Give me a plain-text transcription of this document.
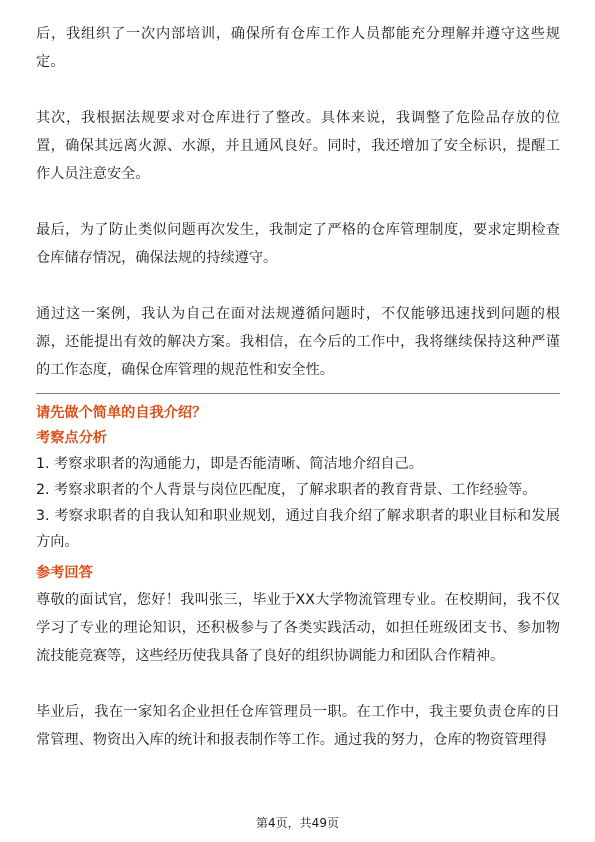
后，我组织了一次内部培训，确保所有仓库工作人员都能充分理解并遵守这些规定。

其次，我根据法规要求对仓库进行了整改。具体来说，我调整了危险品存放的位置，确保其远离火源、水源，并且通风良好。同时，我还增加了安全标识，提醒工作人员注意安全。

最后，为了防止类似问题再次发生，我制定了严格的仓库管理制度，要求定期检查仓库储存情况，确保法规的持续遵守。

通过这一案例，我认为自己在面对法规遵循问题时，不仅能够迅速找到问题的根源，还能提出有效的解决方案。我相信，在今后的工作中，我将继续保持这种严谨的工作态度，确保仓库管理的规范性和安全性。

请先做个简单的自我介绍？

考察点分析

1. 考察求职者的沟通能力，即是否能清晰、简洁地介绍自己。

2. 考察求职者的个人背景与岗位匹配度，了解求职者的教育背景、工作经验等。

3. 考察求职者的自我认知和职业规划，通过自我介绍了解求职者的职业目标和发展方向。

参考回答

尊敬的面试官，您好！我叫张三，毕业于XX大学物流管理专业。在校期间，我不仅学习了专业的理论知识，还积极参与了各类实践活动，如担任班级团支书、参加物流技能竞赛等，这些经历使我具备了良好的组织协调能力和团队合作精神。

毕业后，我在一家知名企业担任仓库管理员一职。在工作中，我主要负责仓库的日常管理、物资出入库的统计和报表制作等工作。通过我的努力，仓库的物资管理得

第4页，共49页
